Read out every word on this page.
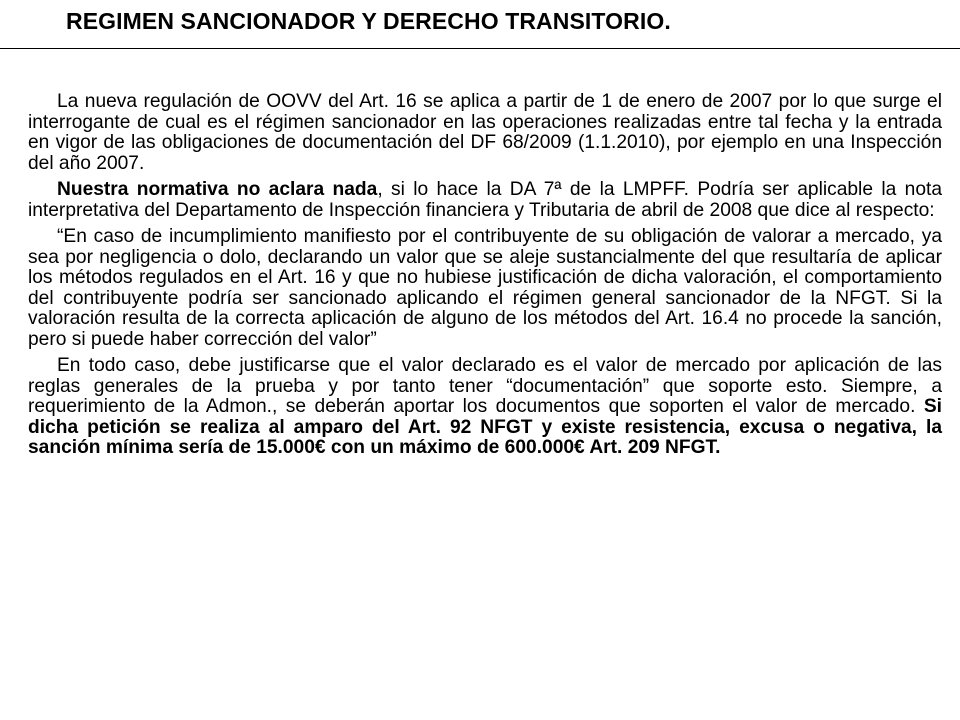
REGIMEN SANCIONADOR Y DERECHO TRANSITORIO.

La nueva regulación de OOVV del Art. 16 se aplica a partir de 1 de enero de 2007 por lo que surge el interrogante de cual es el régimen sancionador en las operaciones realizadas entre tal fecha y la entrada en vigor de las obligaciones de documentación del DF 68/2009 (1.1.2010), por ejemplo en una Inspección del año 2007.

Nuestra normativa no aclara nada, si lo hace la DA 7ª de la LMPFF. Podría ser aplicable la nota interpretativa del Departamento de Inspección financiera y Tributaria de abril de 2008 que dice al respecto:

“En caso de incumplimiento manifiesto por el contribuyente de su obligación de valorar a mercado, ya sea por negligencia o dolo, declarando un valor que se aleje sustancialmente del que resultaría de aplicar los métodos regulados en el Art. 16 y que no hubiese justificación de dicha valoración, el comportamiento del contribuyente podría ser sancionado aplicando el régimen general sancionador de la NFGT. Si la valoración resulta de la correcta aplicación de alguno de los métodos del Art. 16.4 no procede la sanción, pero si puede haber corrección del valor”

En todo caso, debe justificarse que el valor declarado es el valor de mercado por aplicación de las reglas generales de la prueba y por tanto tener “documentación” que soporte esto. Siempre, a requerimiento de la Admon., se deberán aportar los documentos que soporten el valor de mercado. Si dicha petición se realiza al amparo del Art. 92 NFGT y existe resistencia, excusa o negativa, la sanción mínima sería de 15.000€ con un máximo de 600.000€ Art. 209 NFGT.
